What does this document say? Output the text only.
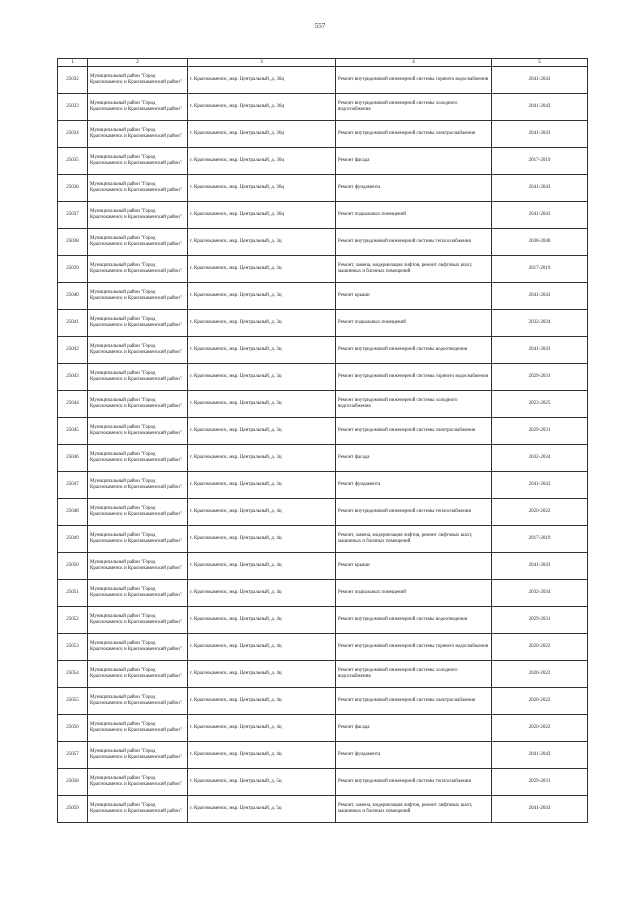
557
1	2	3	4	5
25032	Муниципальный район "Город Краснокаменск и Краснокаменский район"	г. Краснокаменск, мкр. Центральный, д. 36ц	Ремонт внутридомовой инженерной системы горячего водоснабжения	2041-2043
25033	Муниципальный район "Город Краснокаменск и Краснокаменский район"	г. Краснокаменск, мкр. Центральный, д. 36ц	Ремонт внутридомовой инженерной системы холодного водоснабжения	2041-2043
25034	Муниципальный район "Город Краснокаменск и Краснокаменский район"	г. Краснокаменск, мкр. Центральный, д. 36ц	Ремонт внутридомовой инженерной системы электроснабжения	2041-2043
25035	Муниципальный район "Город Краснокаменск и Краснокаменский район"	г. Краснокаменск, мкр. Центральный, д. 36ц	Ремонт фасада	2017-2019
25036	Муниципальный район "Город Краснокаменск и Краснокаменский район"	г. Краснокаменск, мкр. Центральный, д. 36ц	Ремонт фундамента	2041-2043
25037	Муниципальный район "Город Краснокаменск и Краснокаменский район"	г. Краснокаменск, мкр. Центральный, д. 36ц	Ремонт подвальных помещений	2041-2043
25038	Муниципальный район "Город Краснокаменск и Краснокаменский район"	г. Краснокаменск, мкр. Центральный, д. 3ц	Ремонт внутридомовой инженерной системы теплоснабжения	2038-2040
25039	Муниципальный район "Город Краснокаменск и Краснокаменский район"	г. Краснокаменск, мкр. Центральный, д. 3ц	Ремонт, замена, модернизация лифтов, ремонт лифтовых шахт, машинных и блочных помещений	2017-2019
25040	Муниципальный район "Город Краснокаменск и Краснокаменский район"	г. Краснокаменск, мкр. Центральный, д. 3ц	Ремонт крыши	2041-2043
25041	Муниципальный район "Город Краснокаменск и Краснокаменский район"	г. Краснокаменск, мкр. Центральный, д. 3ц	Ремонт подвальных помещений	2032-2034
25042	Муниципальный район "Город Краснокаменск и Краснокаменский район"	г. Краснокаменск, мкр. Центральный, д. 3ц	Ремонт внутридомовой инженерной системы водоотведения	2041-2043
25043	Муниципальный район "Город Краснокаменск и Краснокаменский район"	г. Краснокаменск, мкр. Центральный, д. 3ц	Ремонт внутридомовой инженерной системы горячего водоснабжения	2029-2031
25044	Муниципальный район "Город Краснокаменск и Краснокаменский район"	г. Краснокаменск, мкр. Центральный, д. 3ц	Ремонт внутридомовой инженерной системы холодного водоснабжения	2023-2025
25045	Муниципальный район "Город Краснокаменск и Краснокаменский район"	г. Краснокаменск, мкр. Центральный, д. 3ц	Ремонт внутридомовой инженерной системы электроснабжения	2029-2031
25046	Муниципальный район "Город Краснокаменск и Краснокаменский район"	г. Краснокаменск, мкр. Центральный, д. 3ц	Ремонт фасада	2032-2034
25047	Муниципальный район "Город Краснокаменск и Краснокаменский район"	г. Краснокаменск, мкр. Центральный, д. 3ц	Ремонт фундамента	2041-2043
25048	Муниципальный район "Город Краснокаменск и Краснокаменский район"	г. Краснокаменск, мкр. Центральный, д. 4ц	Ремонт внутридомовой инженерной системы теплоснабжения	2020-2022
25049	Муниципальный район "Город Краснокаменск и Краснокаменский район"	г. Краснокаменск, мкр. Центральный, д. 4ц	Ремонт, замена, модернизация лифтов, ремонт лифтовых шахт, машинных и блочных помещений	2017-2019
25050	Муниципальный район "Город Краснокаменск и Краснокаменский район"	г. Краснокаменск, мкр. Центральный, д. 4ц	Ремонт крыши	2041-2043
25051	Муниципальный район "Город Краснокаменск и Краснокаменский район"	г. Краснокаменск, мкр. Центральный, д. 4ц	Ремонт подвальных помещений	2032-2034
25052	Муниципальный район "Город Краснокаменск и Краснокаменский район"	г. Краснокаменск, мкр. Центральный, д. 4ц	Ремонт внутридомовой инженерной системы водоотведения	2029-2031
25053	Муниципальный район "Город Краснокаменск и Краснокаменский район"	г. Краснокаменск, мкр. Центральный, д. 4ц	Ремонт внутридомовой инженерной системы горячего водоснабжения	2020-2022
25054	Муниципальный район "Город Краснокаменск и Краснокаменский район"	г. Краснокаменск, мкр. Центральный, д. 4ц	Ремонт внутридомовой инженерной системы холодного водоснабжения	2020-2022
25055	Муниципальный район "Город Краснокаменск и Краснокаменский район"	г. Краснокаменск, мкр. Центральный, д. 4ц	Ремонт внутридомовой инженерной системы электроснабжения	2020-2022
25056	Муниципальный район "Город Краснокаменск и Краснокаменский район"	г. Краснокаменск, мкр. Центральный, д. 4ц	Ремонт фасада	2020-2022
25057	Муниципальный район "Город Краснокаменск и Краснокаменский район"	г. Краснокаменск, мкр. Центральный, д. 4ц	Ремонт фундамента	2041-2043
25058	Муниципальный район "Город Краснокаменск и Краснокаменский район"	г. Краснокаменск, мкр. Центральный, д. 5ц	Ремонт внутридомовой инженерной системы теплоснабжения	2029-2031
25059	Муниципальный район "Город Краснокаменск и Краснокаменский район"	г. Краснокаменск, мкр. Центральный, д. 5ц	Ремонт, замена, модернизация лифтов, ремонт лифтовых шахт, машинных и блочных помещений	2041-2043
